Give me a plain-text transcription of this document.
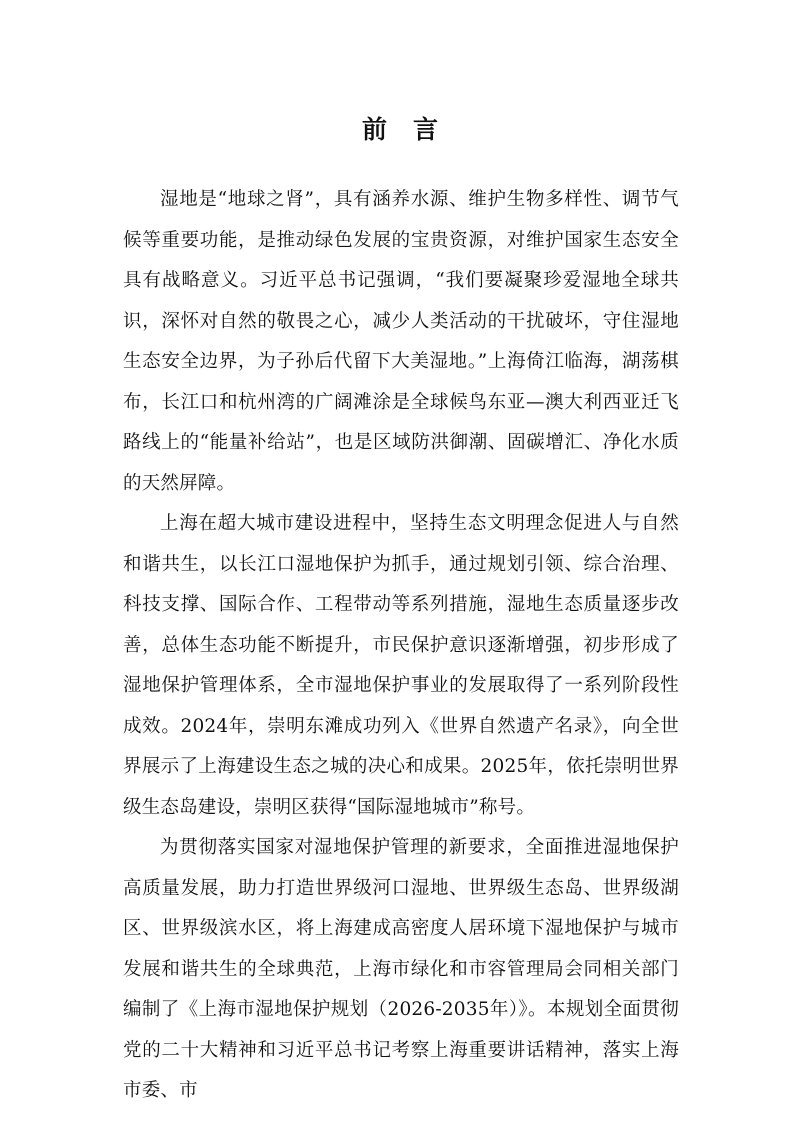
前言

湿地是“地球之肾”，具有涵养水源、维护生物多样性、调节气候等重要功能，是推动绿色发展的宝贵资源，对维护国家生态安全具有战略意义。习近平总书记强调，“我们要凝聚珍爱湿地全球共识，深怀对自然的敬畏之心，减少人类活动的干扰破坏，守住湿地生态安全边界，为子孙后代留下大美湿地。”上海倚江临海，湖荡棋布，长江口和杭州湾的广阔滩涂是全球候鸟东亚—澳大利西亚迁飞路线上的“能量补给站”，也是区域防洪御潮、固碳增汇、净化水质的天然屏障。

上海在超大城市建设进程中，坚持生态文明理念促进人与自然和谐共生，以长江口湿地保护为抓手，通过规划引领、综合治理、科技支撑、国际合作、工程带动等系列措施，湿地生态质量逐步改善，总体生态功能不断提升，市民保护意识逐渐增强，初步形成了湿地保护管理体系，全市湿地保护事业的发展取得了一系列阶段性成效。2024年，崇明东滩成功列入《世界自然遗产名录》，向全世界展示了上海建设生态之城的决心和成果。2025年，依托崇明世界级生态岛建设，崇明区获得“国际湿地城市”称号。

为贯彻落实国家对湿地保护管理的新要求，全面推进湿地保护高质量发展，助力打造世界级河口湿地、世界级生态岛、世界级湖区、世界级滨水区，将上海建成高密度人居环境下湿地保护与城市发展和谐共生的全球典范，上海市绿化和市容管理局会同相关部门编制了《上海市湿地保护规划（2026-2035年）》。本规划全面贯彻党的二十大精神和习近平总书记考察上海重要讲话精神，落实上海市委、市
